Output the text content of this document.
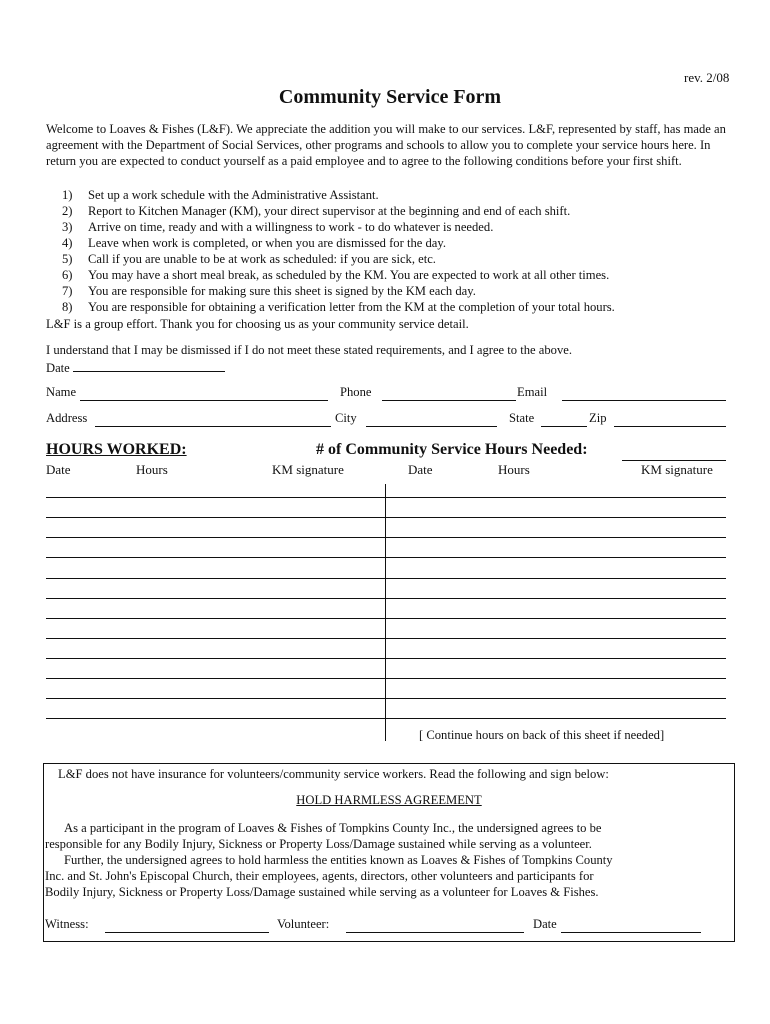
rev. 2/08
Community Service Form
Welcome to Loaves & Fishes (L&F). We appreciate the addition you will make to our services. L&F, represented by staff, has made an agreement with the Department of Social Services, other programs and schools to allow you to complete your service hours here. In return you are expected to conduct yourself as a paid employee and to agree to the following conditions before your first shift.
1) Set up a work schedule with the Administrative Assistant.
2) Report to Kitchen Manager (KM), your direct supervisor at the beginning and end of each shift.
3) Arrive on time, ready and with a willingness to work - to do whatever is needed.
4) Leave when work is completed, or when you are dismissed for the day.
5) Call if you are unable to be at work as scheduled: if you are sick, etc.
6) You may have a short meal break, as scheduled by the KM. You are expected to work at all other times.
7) You are responsible for making sure this sheet is signed by the KM each day.
8) You are responsible for obtaining a verification letter from the KM at the completion of your total hours.
L&F is a group effort. Thank you for choosing us as your community service detail.
I understand that I may be dismissed if I do not meet these stated requirements, and I agree to the above.
Date
Name	Phone	Email
Address	City	State	Zip
HOURS WORKED:	# of Community Service Hours Needed:
Date	Hours	KM signature	Date	Hours	KM signature
[ Continue hours on back of this sheet if needed]
L&F does not have insurance for volunteers/community service workers. Read the following and sign below:
HOLD HARMLESS AGREEMENT
As a participant in the program of Loaves & Fishes of Tompkins County Inc., the undersigned agrees to be
responsible for any Bodily Injury, Sickness or Property Loss/Damage sustained while serving as a volunteer.
Further, the undersigned agrees to hold harmless the entities known as Loaves & Fishes of Tompkins County
Inc. and St. John's Episcopal Church, their employees, agents, directors, other volunteers and participants for
Bodily Injury, Sickness or Property Loss/Damage sustained while serving as a volunteer for Loaves & Fishes.
Witness:	Volunteer:	Date
